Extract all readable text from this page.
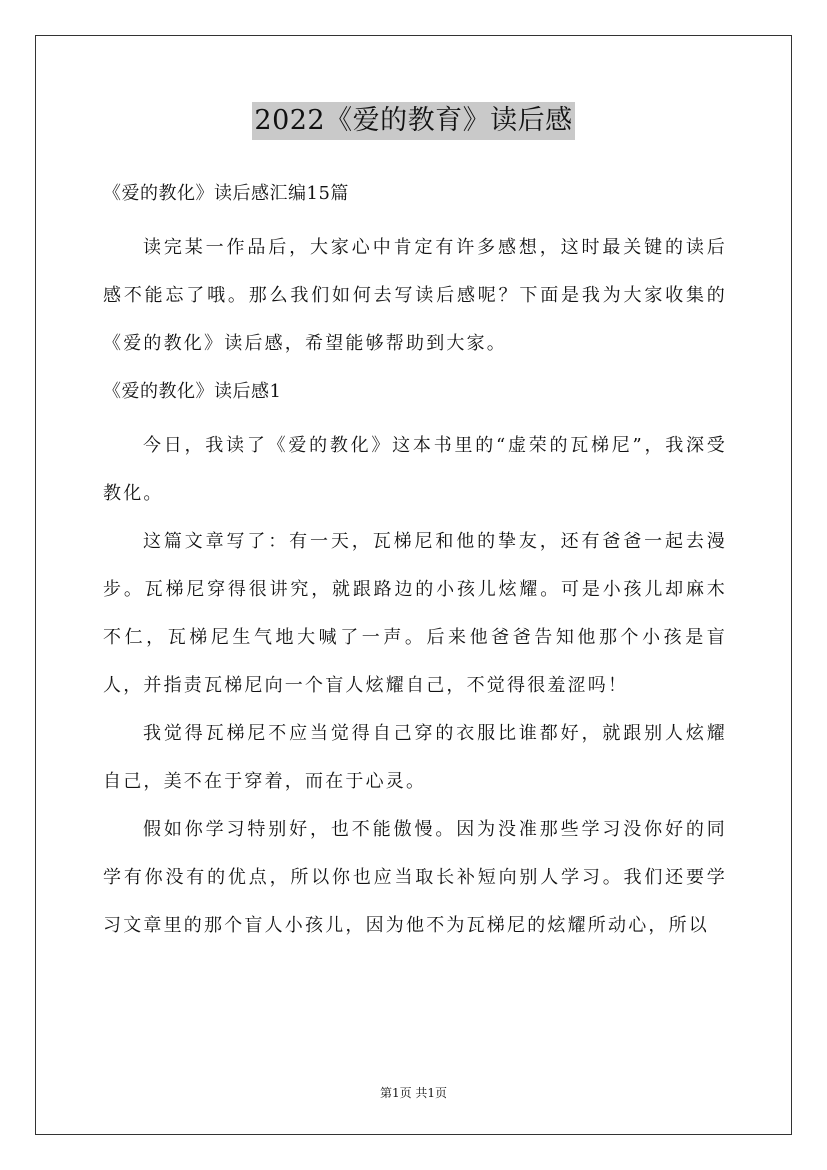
2022《爱的教育》读后感

《爱的教化》读后感汇编15篇

读完某一作品后，大家心中肯定有许多感想，这时最关键的读后感不能忘了哦。那么我们如何去写读后感呢？下面是我为大家收集的《爱的教化》读后感，希望能够帮助到大家。

《爱的教化》读后感1

今日，我读了《爱的教化》这本书里的“虚荣的瓦梯尼”，我深受教化。

这篇文章写了：有一天，瓦梯尼和他的挚友，还有爸爸一起去漫步。瓦梯尼穿得很讲究，就跟路边的小孩儿炫耀。可是小孩儿却麻木不仁，瓦梯尼生气地大喊了一声。后来他爸爸告知他那个小孩是盲人，并指责瓦梯尼向一个盲人炫耀自己，不觉得很羞涩吗！

我觉得瓦梯尼不应当觉得自己穿的衣服比谁都好，就跟别人炫耀自己，美不在于穿着，而在于心灵。

假如你学习特别好，也不能傲慢。因为没准那些学习没你好的同学有你没有的优点，所以你也应当取长补短向别人学习。我们还要学习文章里的那个盲人小孩儿，因为他不为瓦梯尼的炫耀所动心，所以

第1页 共1页
